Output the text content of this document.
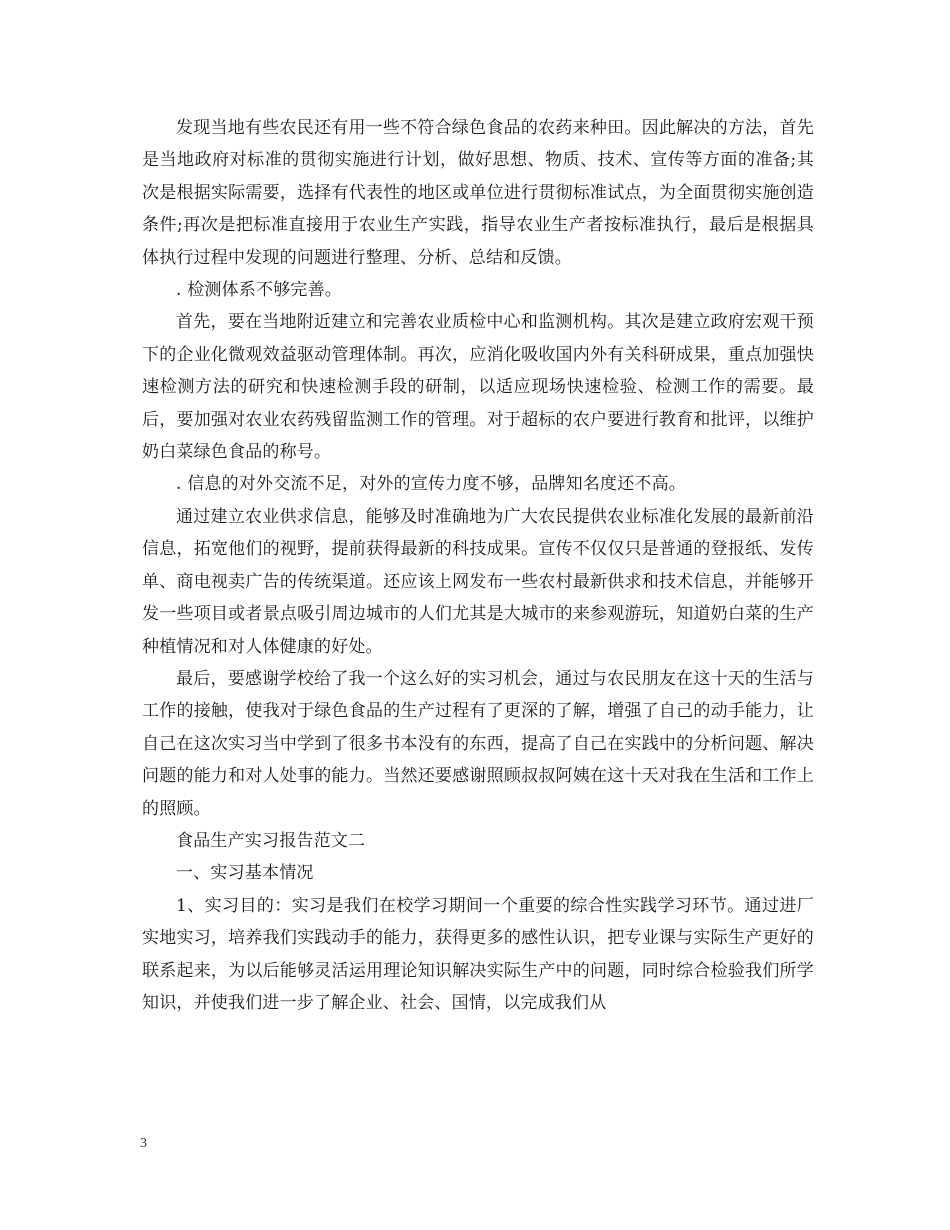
发现当地有些农民还有用一些不符合绿色食品的农药来种田。因此解决的方法，首先是当地政府对标准的贯彻实施进行计划，做好思想、物质、技术、宣传等方面的准备;其次是根据实际需要，选择有代表性的地区或单位进行贯彻标准试点，为全面贯彻实施创造条件;再次是把标准直接用于农业生产实践，指导农业生产者按标准执行，最后是根据具体执行过程中发现的问题进行整理、分析、总结和反馈。

. 检测体系不够完善。

首先，要在当地附近建立和完善农业质检中心和监测机构。其次是建立政府宏观干预下的企业化微观效益驱动管理体制。再次，应消化吸收国内外有关科研成果，重点加强快速检测方法的研究和快速检测手段的研制，以适应现场快速检验、检测工作的需要。最后，要加强对农业农药残留监测工作的管理。对于超标的农户要进行教育和批评，以维护奶白菜绿色食品的称号。

. 信息的对外交流不足，对外的宣传力度不够，品牌知名度还不高。

通过建立农业供求信息，能够及时准确地为广大农民提供农业标准化发展的最新前沿信息，拓宽他们的视野，提前获得最新的科技成果。宣传不仅仅只是普通的登报纸、发传单、商电视卖广告的传统渠道。还应该上网发布一些农村最新供求和技术信息，并能够开发一些项目或者景点吸引周边城市的人们尤其是大城市的来参观游玩，知道奶白菜的生产种植情况和对人体健康的好处。

最后，要感谢学校给了我一个这么好的实习机会，通过与农民朋友在这十天的生活与工作的接触，使我对于绿色食品的生产过程有了更深的了解，增强了自己的动手能力，让自己在这次实习当中学到了很多书本没有的东西，提高了自己在实践中的分析问题、解决问题的能力和对人处事的能力。当然还要感谢照顾叔叔阿姨在这十天对我在生活和工作上的照顾。

食品生产实习报告范文二

一、实习基本情况

1、实习目的：实习是我们在校学习期间一个重要的综合性实践学习环节。通过进厂实地实习，培养我们实践动手的能力，获得更多的感性认识，把专业课与实际生产更好的联系起来，为以后能够灵活运用理论知识解决实际生产中的问题，同时综合检验我们所学知识，并使我们进一步了解企业、社会、国情，以完成我们从

3
